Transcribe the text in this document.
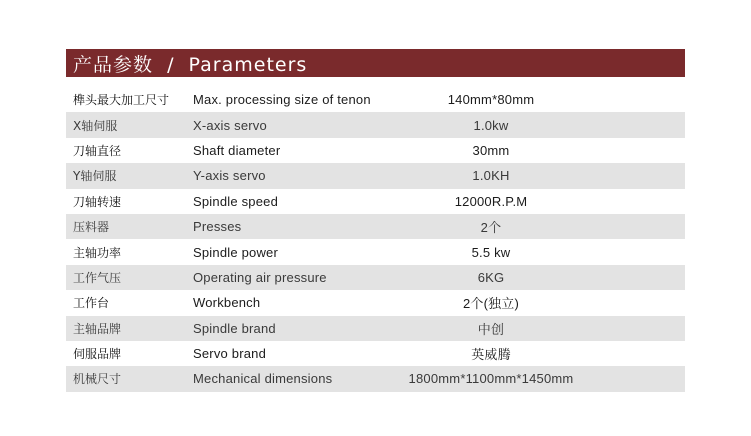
产品参数  /  Parameters
榫头最大加工尺寸 Max. processing size of tenon	140mm*80mm
X轴伺服	X-axis servo	1.0kw
刀轴直径	Shaft diameter	30mm
Y轴伺服	Y-axis servo	1.0KH
刀轴转速	Spindle speed	12000R.P.M
压料器	Presses	2个
主轴功率	Spindle power	5.5 kw
工作气压	Operating air pressure	6KG
工作台	Workbench	2个(独立)
主轴品牌	Spindle brand	中创
伺服品牌	Servo brand	英威腾
机械尺寸	Mechanical dimensions	1800mm*1100mm*1450mm
